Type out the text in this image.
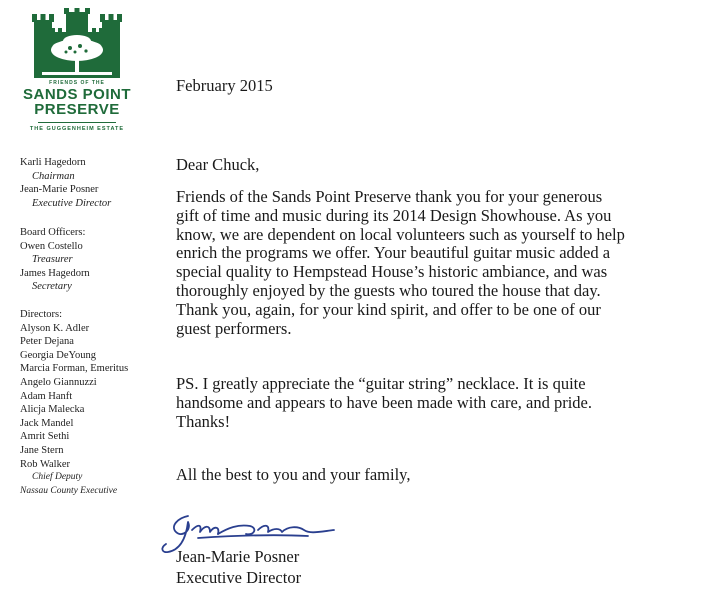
FRIENDS OF THE
SANDS POINT
PRESERVE
THE GUGGENHEIM ESTATE
Karli Hagedorn
Chairman
Jean-Marie Posner
Executive Director
Board Officers:
Owen Costello
Treasurer
James Hagedorn
Secretary
Directors:
Alyson K. Adler
Peter Dejana
Georgia DeYoung
Marcia Forman, Emeritus
Angelo Giannuzzi
Adam Hanft
Alicja Malecka
Jack Mandel
Amrit Sethi
Jane Stern
Rob Walker
Chief Deputy
Nassau County Executive
February 2015
Dear Chuck,
Friends of the Sands Point Preserve thank you for your generous
gift of time and music during its 2014 Design Showhouse. As you
know, we are dependent on local volunteers such as yourself to help
enrich the programs we offer. Your beautiful guitar music added a
special quality to Hempstead House’s historic ambiance, and was
thoroughly enjoyed by the guests who toured the house that day.
Thank you, again, for your kind spirit, and offer to be one of our
guest performers.
PS. I greatly appreciate the “guitar string” necklace. It is quite
handsome and appears to have been made with care, and pride.
Thanks!
All the best to you and your family,
Jean-Marie Posner
Executive Director
